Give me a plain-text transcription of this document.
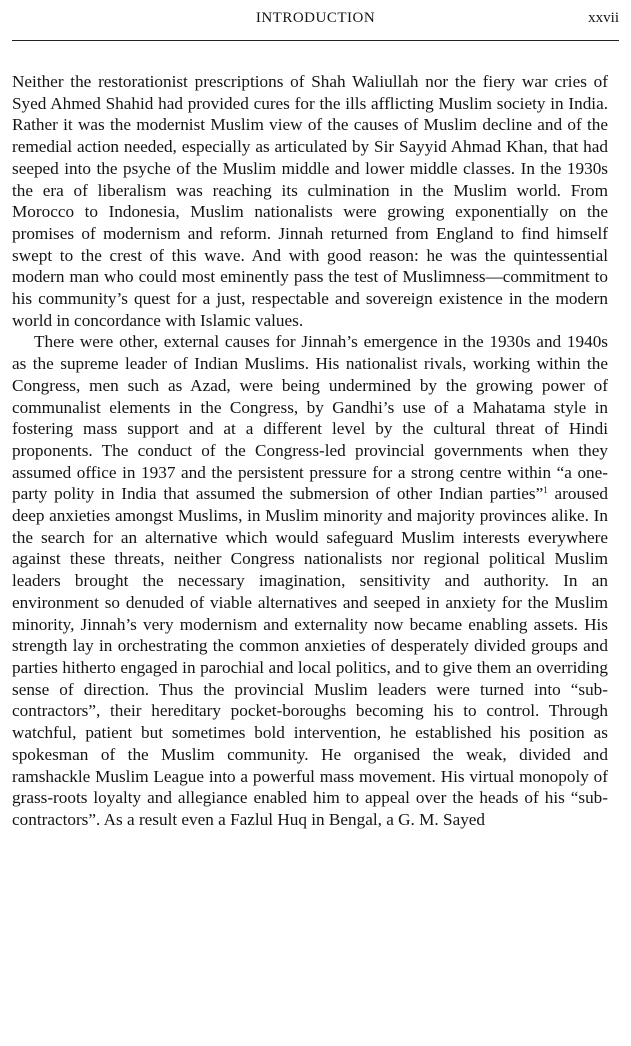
INTRODUCTION	xxvii

Neither the restorationist prescriptions of Shah Waliullah nor the fiery war cries of Syed Ahmed Shahid had provided cures for the ills afflicting Muslim society in India. Rather it was the modernist Muslim view of the causes of Muslim decline and of the remedial action needed, especially as articulated by Sir Sayyid Ahmad Khan, that had seeped into the psyche of the Muslim middle and lower middle classes. In the 1930s the era of liberalism was reaching its culmination in the Muslim world. From Morocco to Indonesia, Muslim nationalists were growing exponentially on the promises of modernism and reform. Jinnah returned from England to find himself swept to the crest of this wave. And with good reason: he was the quintessential modern man who could most eminently pass the test of Muslimness—commitment to his community’s quest for a just, respectable and sovereign existence in the modern world in concordance with Islamic values.

There were other, external causes for Jinnah’s emergence in the 1930s and 1940s as the supreme leader of Indian Muslims. His nationalist rivals, working within the Congress, men such as Azad, were being undermined by the growing power of communalist elements in the Congress, by Gandhi’s use of a Mahatama style in fostering mass support and at a different level by the cultural threat of Hindi proponents. The conduct of the Congress-led provincial governments when they assumed office in 1937 and the persistent pressure for a strong centre within “a one-party polity in India that assumed the submersion of other Indian parties”$^1$ aroused deep anxieties amongst Muslims, in Muslim minority and majority provinces alike. In the search for an alternative which would safeguard Muslim interests everywhere against these threats, neither Congress nationalists nor regional political Muslim leaders brought the necessary imagination, sensitivity and authority. In an environment so denuded of viable alternatives and seeped in anxiety for the Muslim minority, Jinnah’s very modernism and externality now became enabling assets. His strength lay in orchestrating the common anxieties of desperately divided groups and parties hitherto engaged in parochial and local politics, and to give them an overriding sense of direction. Thus the provincial Muslim leaders were turned into “sub-contractors”, their hereditary pocket-boroughs becoming his to control. Through watchful, patient but sometimes bold intervention, he established his position as spokesman of the Muslim community. He organised the weak, divided and ramshackle Muslim League into a powerful mass movement. His virtual monopoly of grass-roots loyalty and allegiance enabled him to appeal over the heads of his “sub-contractors”. As a result even a Fazlul Huq in Bengal, a G. M. Sayed
